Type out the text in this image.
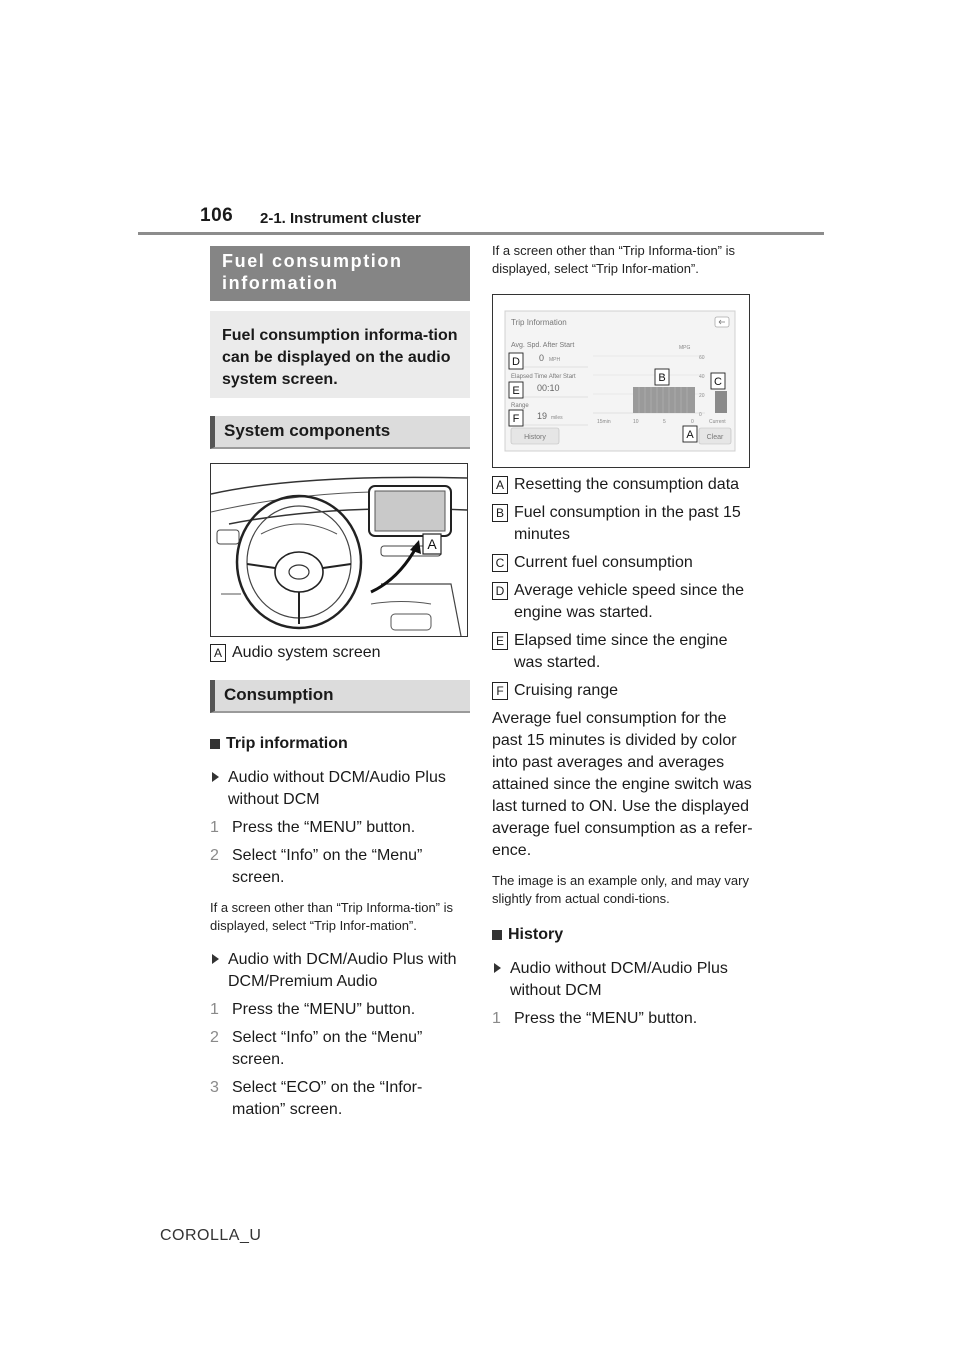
106 2-1. Instrument cluster
Fuel consumption
information
Fuel consumption informa-tion can be displayed on the audio system screen.
System components
A
A Audio system screen
Consumption
Trip information
Audio without DCM/Audio Plus without DCM
1 Press the “MENU” button.
2 Select “Info” on the “Menu” screen.
If a screen other than “Trip Informa-tion” is displayed, select “Trip Infor-mation”.
Audio with DCM/Audio Plus with DCM/Premium Audio
1 Press the “MENU” button.
2 Select “Info” on the “Menu” screen.
3 Select “ECO” on the “Infor-mation” screen.
If a screen other than “Trip Informa-tion” is displayed, select “Trip Infor-mation”.
Trip Information
Avg. Spd. After Start
0 MPH
Elapsed Time After Start
00:10
Range
19 miles
MPG
60
40
20
0
15min	10	5	0	Current
History	Clear
A
B	C
D
E
F
A Resetting the consumption data
B Fuel consumption in the past 15 minutes
C Current fuel consumption
D Average vehicle speed since the engine was started.
E Elapsed time since the engine was started.
F Cruising range
Average fuel consumption for the past 15 minutes is divided by color into past averages and averages attained since the engine switch was last turned to ON. Use the displayed average fuel consumption as a refer-ence.
The image is an example only, and may vary slightly from actual condi-tions.
History
Audio without DCM/Audio Plus without DCM
1 Press the “MENU” button.
COROLLA_U
